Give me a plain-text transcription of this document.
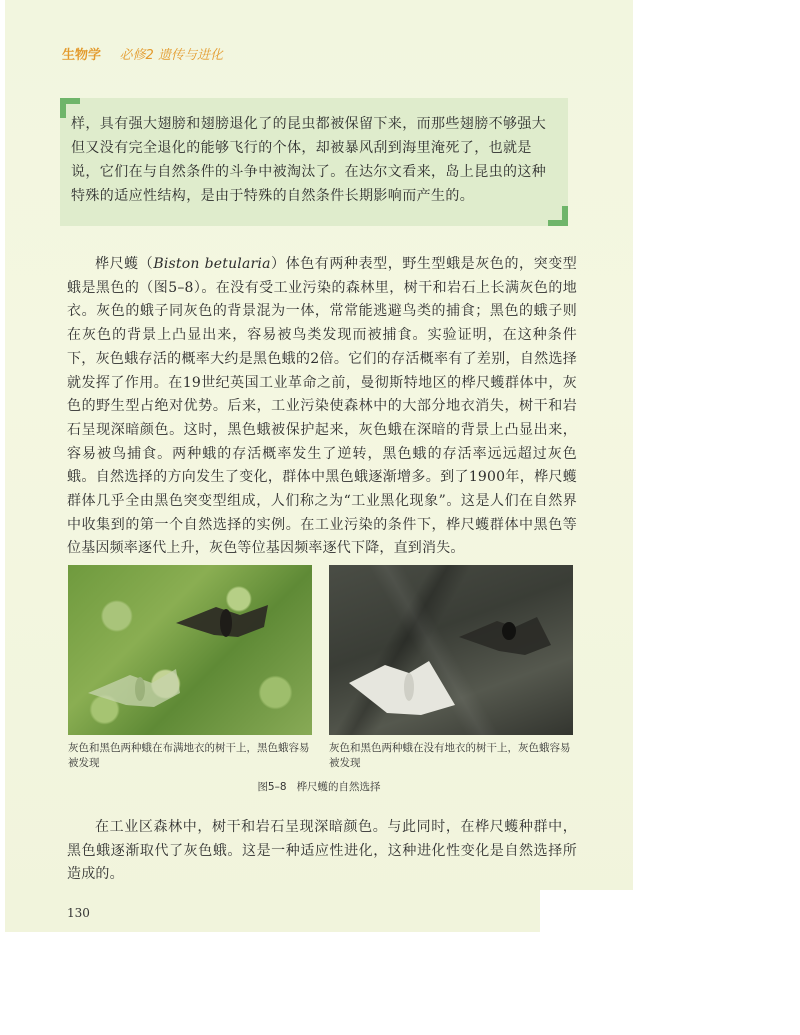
生物学 必修2 遗传与进化

样，具有强大翅膀和翅膀退化了的昆虫都被保留下来，而那些翅膀不够强大但又没有完全退化的能够飞行的个体，却被暴风刮到海里淹死了，也就是说，它们在与自然条件的斗争中被淘汰了。在达尔文看来，岛上昆虫的这种特殊的适应性结构，是由于特殊的自然条件长期影响而产生的。

桦尺蠖（Biston betularia）体色有两种表型，野生型蛾是灰色的，突变型蛾是黑色的（图5–8）。在没有受工业污染的森林里，树干和岩石上长满灰色的地衣。灰色的蛾子同灰色的背景混为一体，常常能逃避鸟类的捕食；黑色的蛾子则在灰色的背景上凸显出来，容易被鸟类发现而被捕食。实验证明，在这种条件下，灰色蛾存活的概率大约是黑色蛾的2倍。它们的存活概率有了差别，自然选择就发挥了作用。在19世纪英国工业革命之前，曼彻斯特地区的桦尺蠖群体中，灰色的野生型占绝对优势。后来，工业污染使森林中的大部分地衣消失，树干和岩石呈现深暗颜色。这时，黑色蛾被保护起来，灰色蛾在深暗的背景上凸显出来，容易被鸟捕食。两种蛾的存活概率发生了逆转，黑色蛾的存活率远远超过灰色蛾。自然选择的方向发生了变化，群体中黑色蛾逐渐增多。到了1900年，桦尺蠖群体几乎全由黑色突变型组成，人们称之为“工业黑化现象”。这是人们在自然界中收集到的第一个自然选择的实例。在工业污染的条件下，桦尺蠖群体中黑色等位基因频率逐代上升，灰色等位基因频率逐代下降，直到消失。

灰色和黑色两种蛾在布满地衣的树干上，黑色蛾容易被发现

灰色和黑色两种蛾在没有地衣的树干上，灰色蛾容易被发现

图5–8 桦尺蠖的自然选择

在工业区森林中，树干和岩石呈现深暗颜色。与此同时，在桦尺蠖种群中，黑色蛾逐渐取代了灰色蛾。这是一种适应性进化，这种进化性变化是自然选择所造成的。

130
